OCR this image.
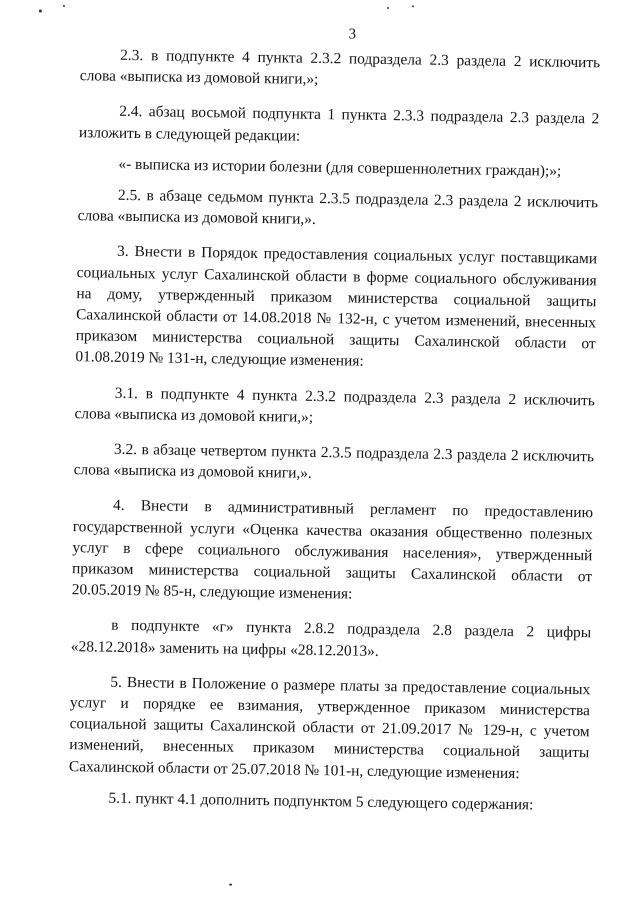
3

2.3. в подпункте 4 пункта 2.3.2 подраздела 2.3 раздела 2 исключить слова «выписка из домовой книги,»;

2.4. абзац восьмой подпункта 1 пункта 2.3.3 подраздела 2.3 раздела 2 изложить в следующей редакции:

«- выписка из истории болезни (для совершеннолетних граждан);»;

2.5. в абзаце седьмом пункта 2.3.5 подраздела 2.3 раздела 2 исключить слова «выписка из домовой книги,».

3. Внести в Порядок предоставления социальных услуг поставщиками социальных услуг Сахалинской области в форме социального обслуживания на дому, утвержденный приказом министерства социальной защиты Сахалинской области от 14.08.2018 № 132-н, с учетом изменений, внесенных приказом министерства социальной защиты Сахалинской области от 01.08.2019 № 131-н, следующие изменения:

3.1. в подпункте 4 пункта 2.3.2 подраздела 2.3 раздела 2 исключить слова «выписка из домовой книги,»;

3.2. в абзаце четвертом пункта 2.3.5 подраздела 2.3 раздела 2 исключить слова «выписка из домовой книги,».

4. Внести в административный регламент по предоставлению государственной услуги «Оценка качества оказания общественно полезных услуг в сфере социального обслуживания населения», утвержденный приказом министерства социальной защиты Сахалинской области от 20.05.2019 № 85-н, следующие изменения:

в подпункте «г» пункта 2.8.2 подраздела 2.8 раздела 2 цифры «28.12.2018» заменить на цифры «28.12.2013».

5. Внести в Положение о размере платы за предоставление социальных услуг и порядке ее взимания, утвержденное приказом министерства социальной защиты Сахалинской области от 21.09.2017 № 129-н, с учетом изменений, внесенных приказом министерства социальной защиты Сахалинской области от 25.07.2018 № 101-н, следующие изменения:

5.1. пункт 4.1 дополнить подпунктом 5 следующего содержания:
